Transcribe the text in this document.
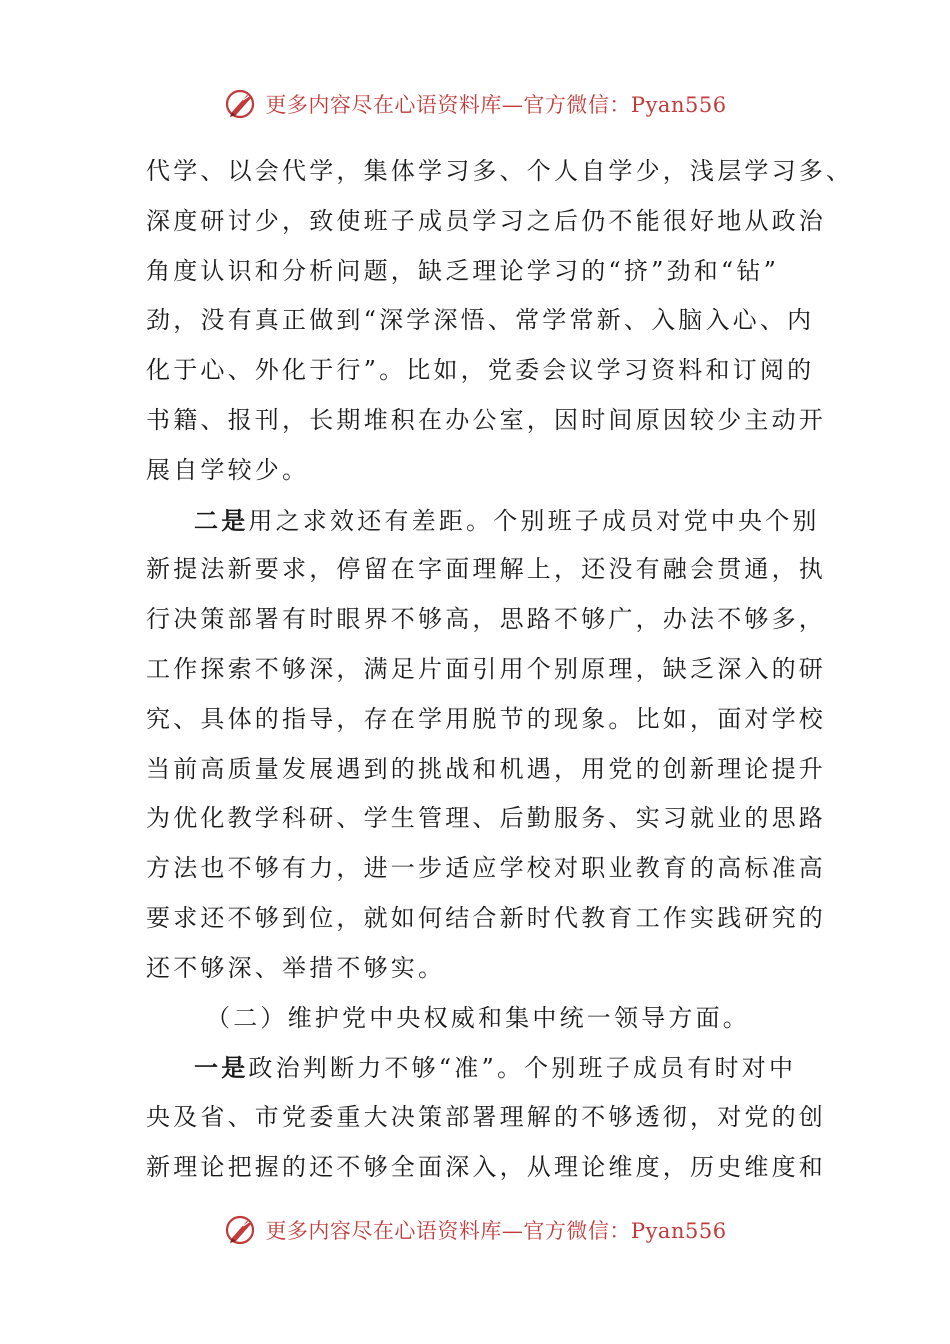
更多内容尽在心语资料库—官方微信：Pyan556
代学、以会代学，集体学习多、个人自学少，浅层学习多、
深度研讨少，致使班子成员学习之后仍不能很好地从政治
角度认识和分析问题，缺乏理论学习的“挤”劲和“钻”
劲，没有真正做到“深学深悟、常学常新、入脑入心、内
化于心、外化于行”。比如，党委会议学习资料和订阅的
书籍、报刊，长期堆积在办公室，因时间原因较少主动开
展自学较少。
二是用之求效还有差距。个别班子成员对党中央个别
新提法新要求，停留在字面理解上，还没有融会贯通，执
行决策部署有时眼界不够高，思路不够广，办法不够多，
工作探索不够深，满足片面引用个别原理，缺乏深入的研
究、具体的指导，存在学用脱节的现象。比如，面对学校
当前高质量发展遇到的挑战和机遇，用党的创新理论提升
为优化教学科研、学生管理、后勤服务、实习就业的思路
方法也不够有力，进一步适应学校对职业教育的高标准高
要求还不够到位，就如何结合新时代教育工作实践研究的
还不够深、举措不够实。
（二）维护党中央权威和集中统一领导方面。
一是政治判断力不够“准”。个别班子成员有时对中
央及省、市党委重大决策部署理解的不够透彻，对党的创
新理论把握的还不够全面深入，从理论维度，历史维度和
更多内容尽在心语资料库—官方微信：Pyan556
